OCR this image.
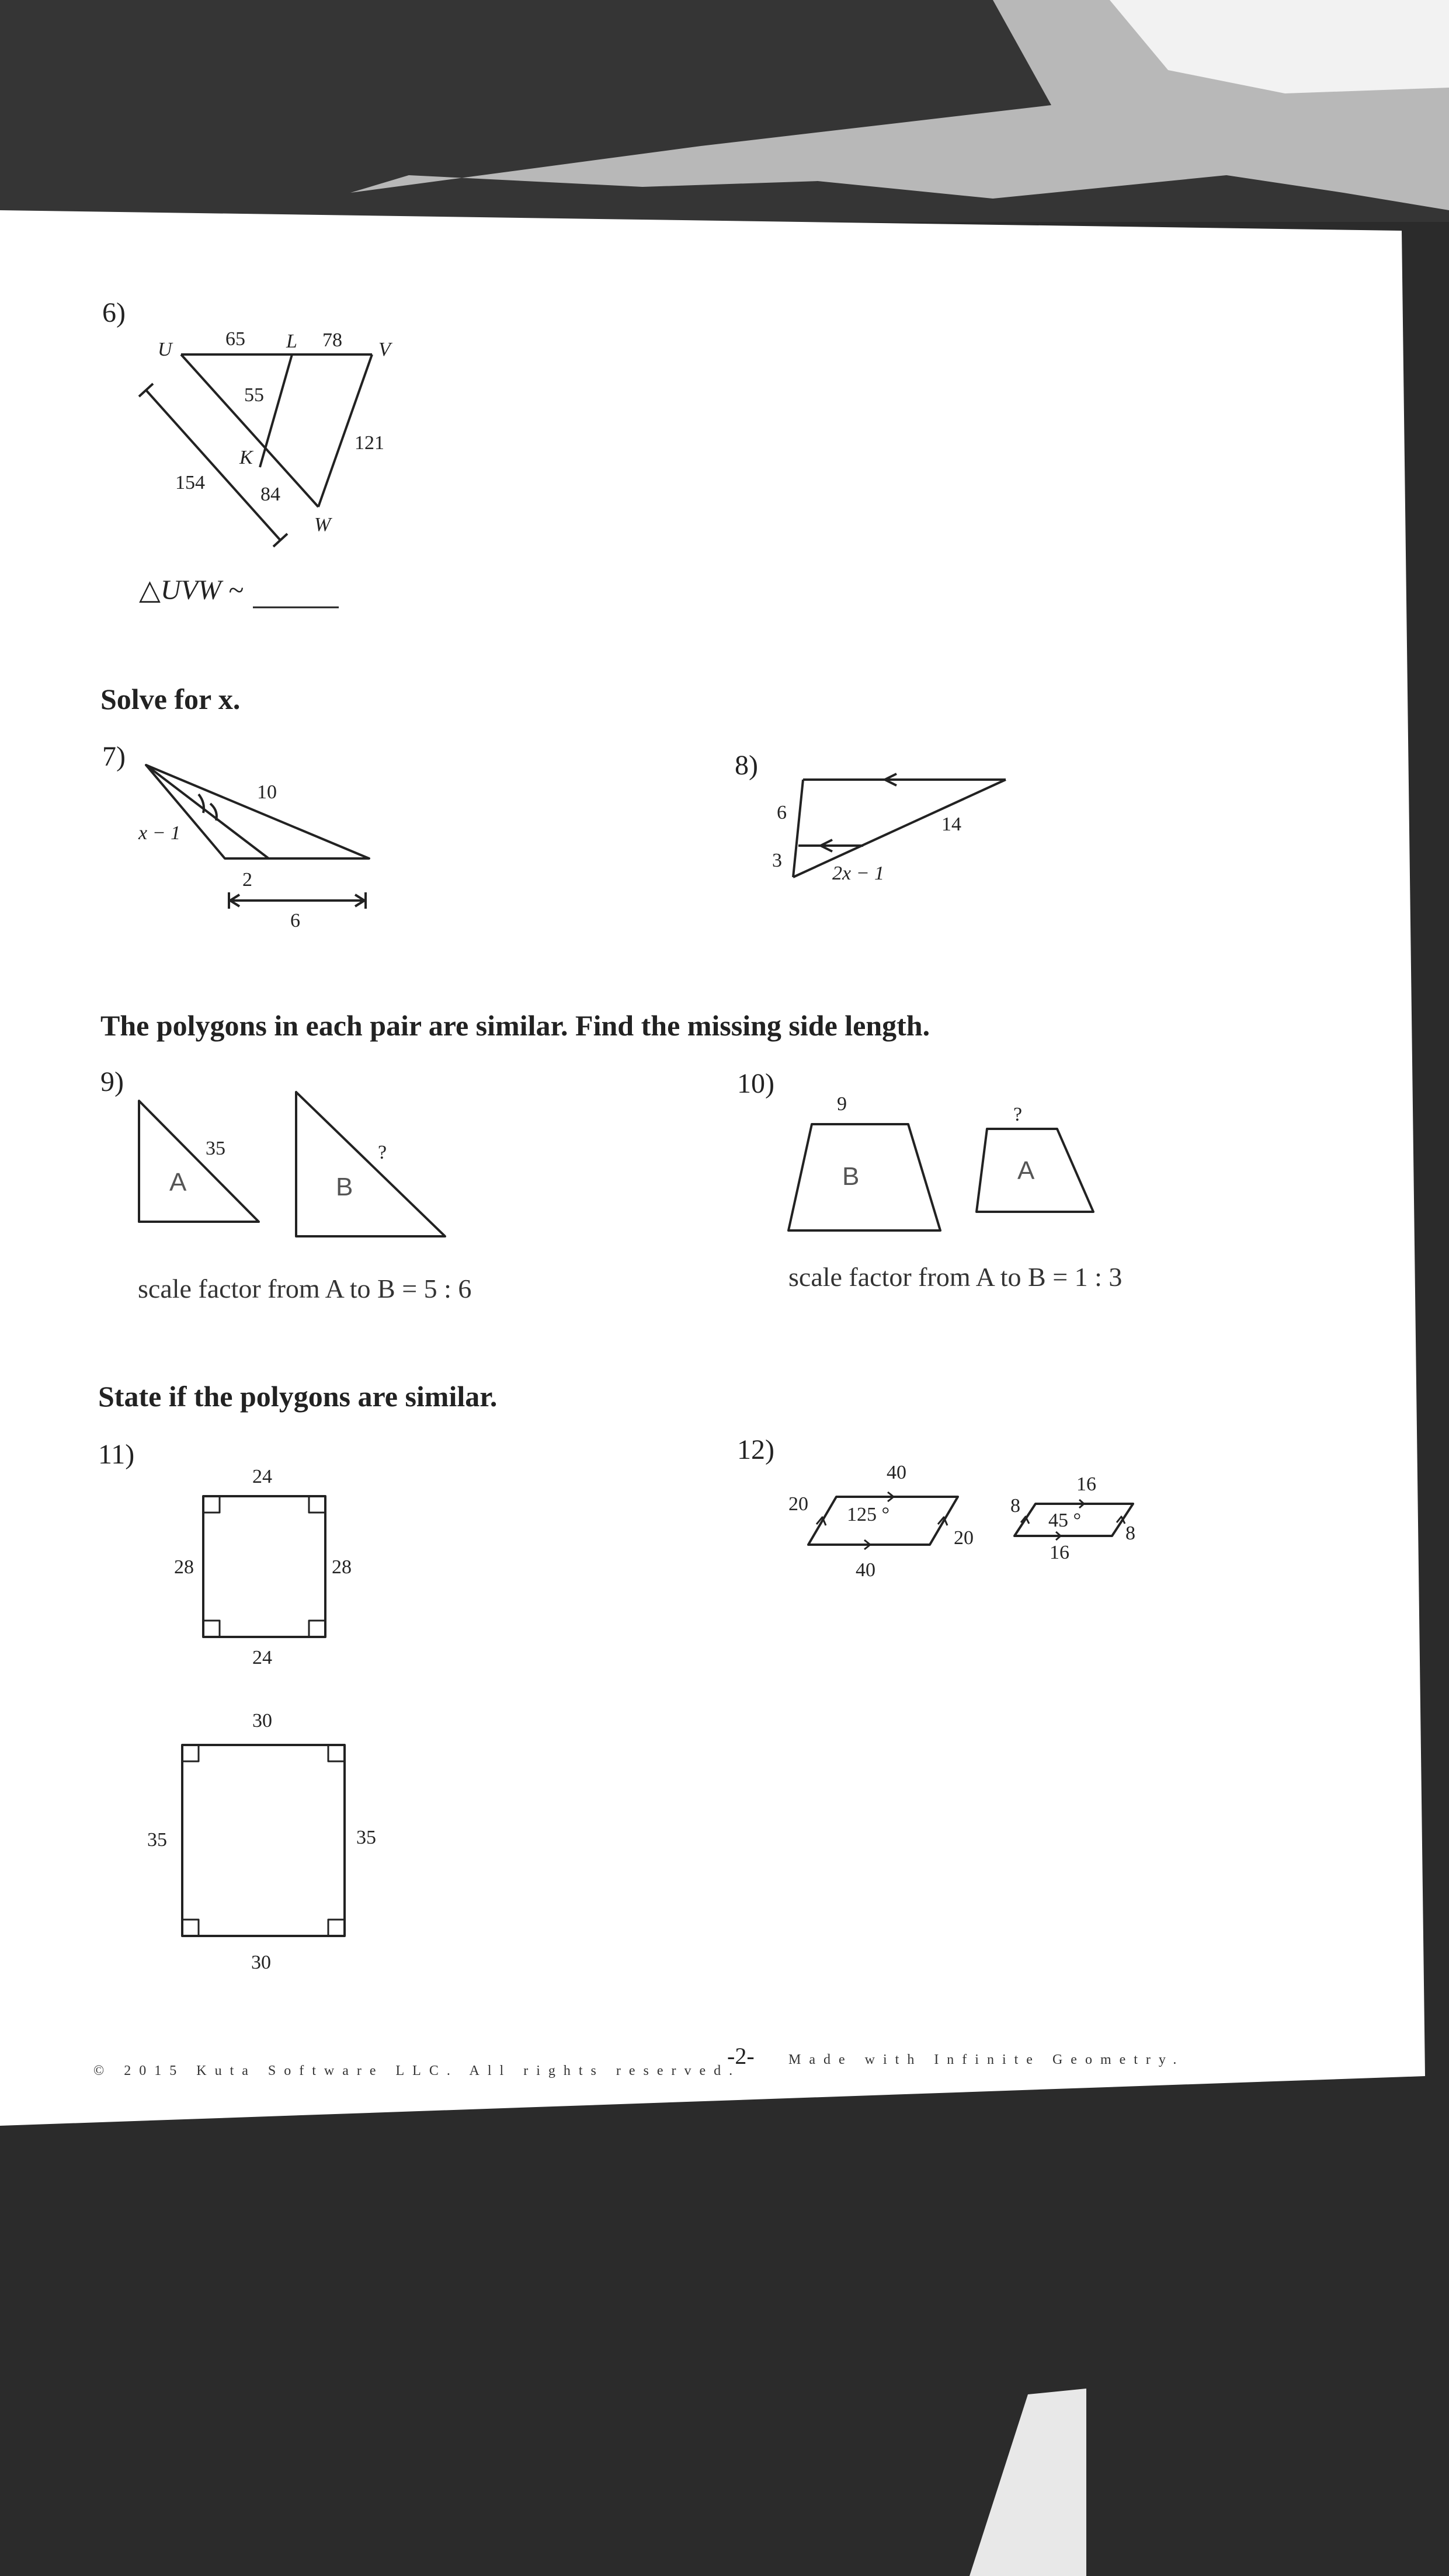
6)
U	65 L 78 V
55
121
K
154
84
W
△UVW ~
Solve for x.
7)
10
x − 1
2
6
8)
6
14
3
2x − 1
The polygons in each pair are similar. Find the missing side length.
9)
35
A
?
B
scale factor from A to B = 5 : 6
10)
9
B
?
A
scale factor from A to B = 1 : 3
State if the polygons are similar.
11)
24
28	28
24
30
35	35
30
12)
40
20 125 °
20
40
8
16
45 °
8
16
© 2015 Kuta Software LLC. All rights reserved.
-2- Made with Infinite Geometry.
